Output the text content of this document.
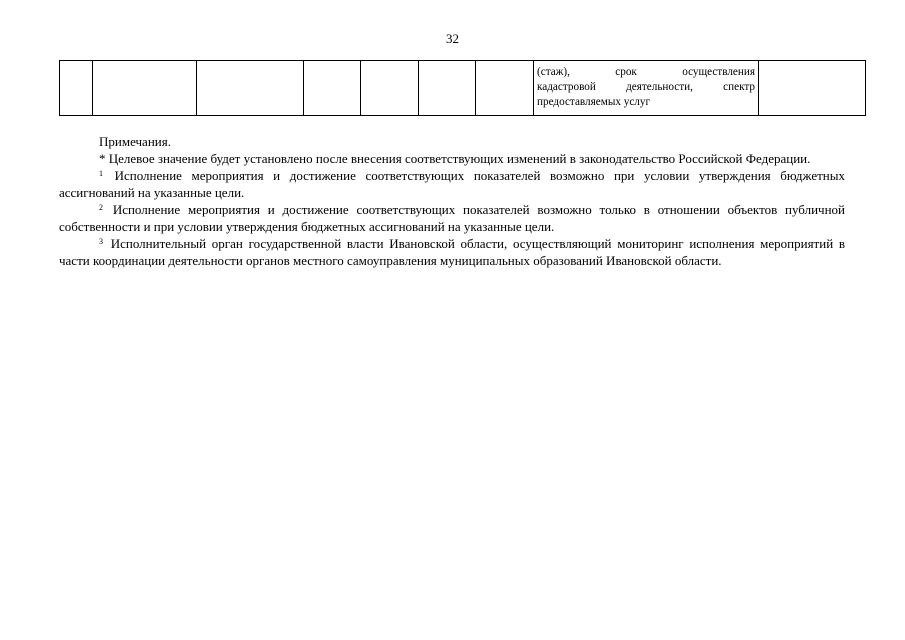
32
							(стаж), срок осуществления
кадастровой деятельности, спектр
предоставляемых услуг

Примечания.

* Целевое значение будет установлено после внесения соответствующих изменений в законодательство Российской Федерации.

$^1$ Исполнение мероприятия и достижение соответствующих показателей возможно при условии утверждения бюджетных ассигнований на указанные цели.

$^2$ Исполнение мероприятия и достижение соответствующих показателей возможно только в отношении объектов публичной собственности и при условии утверждения бюджетных ассигнований на указанные цели.

$^3$ Исполнительный орган государственной власти Ивановской области, осуществляющий мониторинг исполнения мероприятий в части координации деятельности органов местного самоуправления муниципальных образований Ивановской области.
